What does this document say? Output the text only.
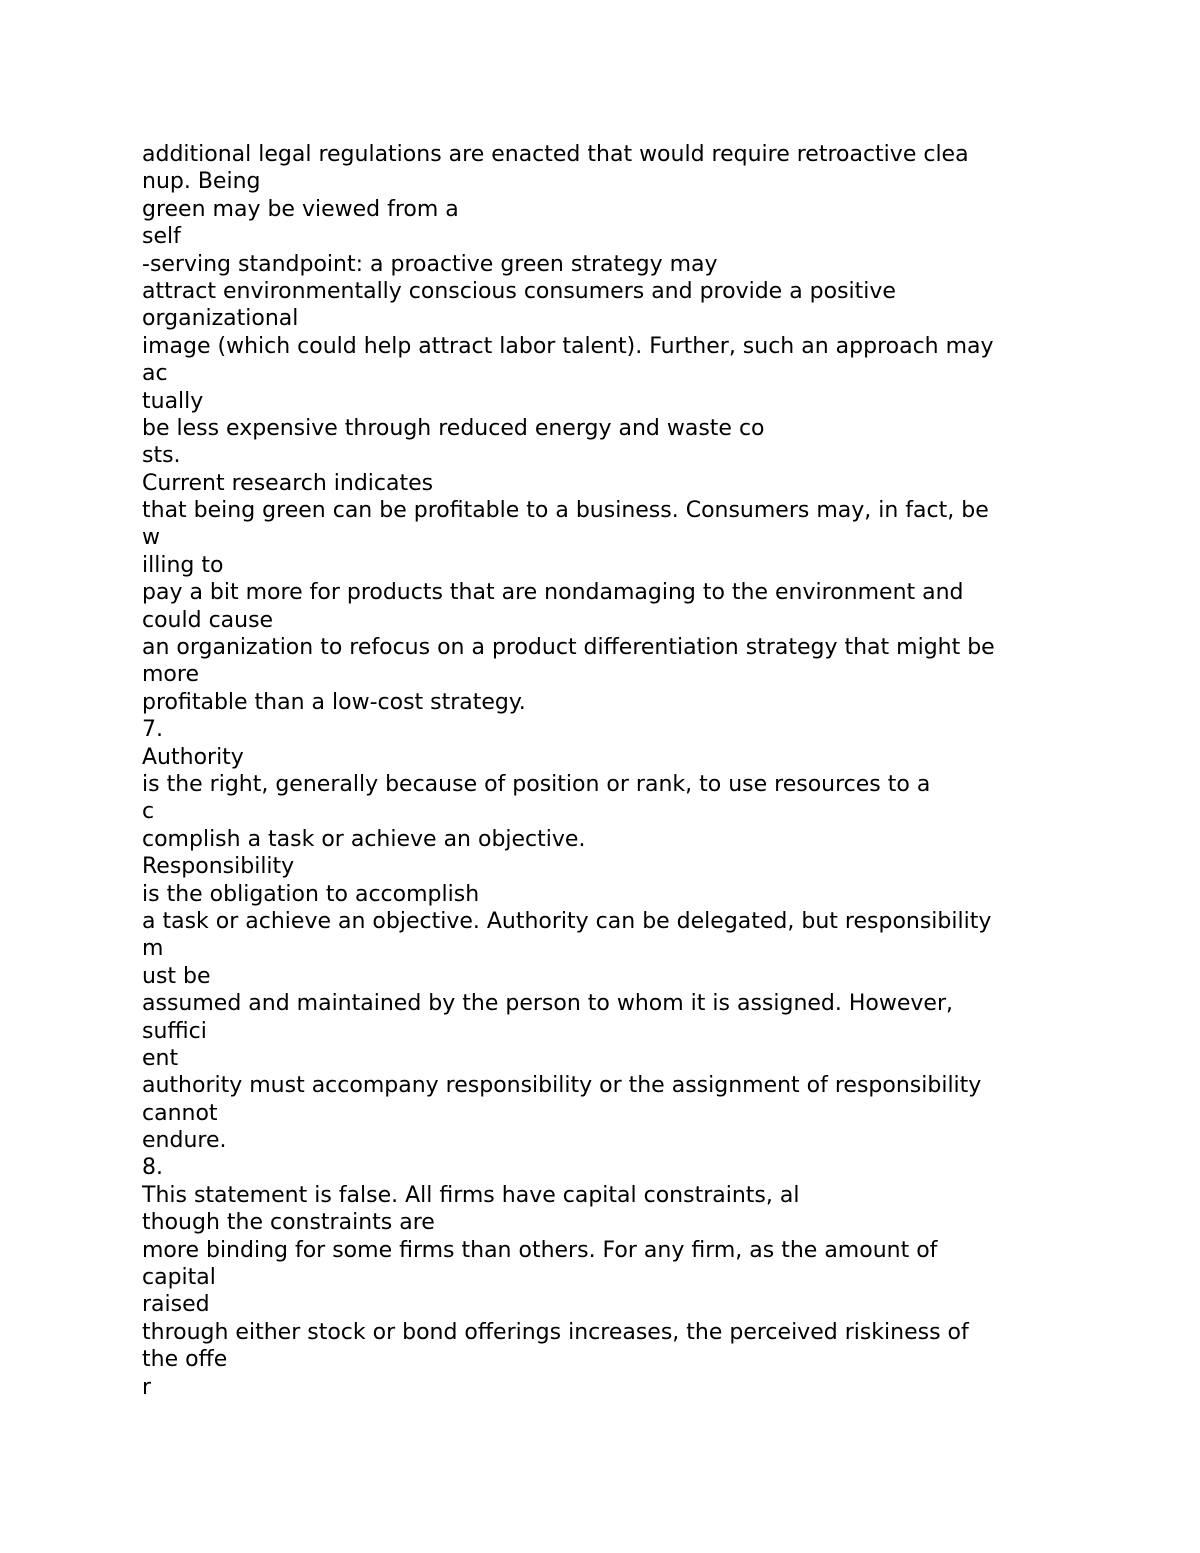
additional legal regulations are enacted that would require retroactive clea
nup. Being
green may be viewed from a
self
-serving standpoint: a proactive green strategy may
attract environmentally conscious consumers and provide a positive
organizational
image (which could help attract labor talent). Further, such an approach may
ac
tually
be less expensive through reduced energy and waste co
sts.
Current research indicates
that being green can be profitable to a business. Consumers may, in fact, be
w
illing to
pay a bit more for products that are nondamaging to the environment and
could cause
an organization to refocus on a product differentiation strategy that might be
more
profitable than a low-cost strategy.
7.
Authority
is the right, generally because of position or rank, to use resources to a
c
complish a task or achieve an objective.
Responsibility
is the obligation to accomplish
a task or achieve an objective. Authority can be delegated, but responsibility
m
ust be
assumed and maintained by the person to whom it is assigned. However,
suffici
ent
authority must accompany responsibility or the assignment of responsibility
cannot
endure.
8.
This statement is false. All firms have capital constraints, al
though the constraints are
more binding for some firms than others. For any firm, as the amount of
capital
raised
through either stock or bond offerings increases, the perceived riskiness of
the offe
r
